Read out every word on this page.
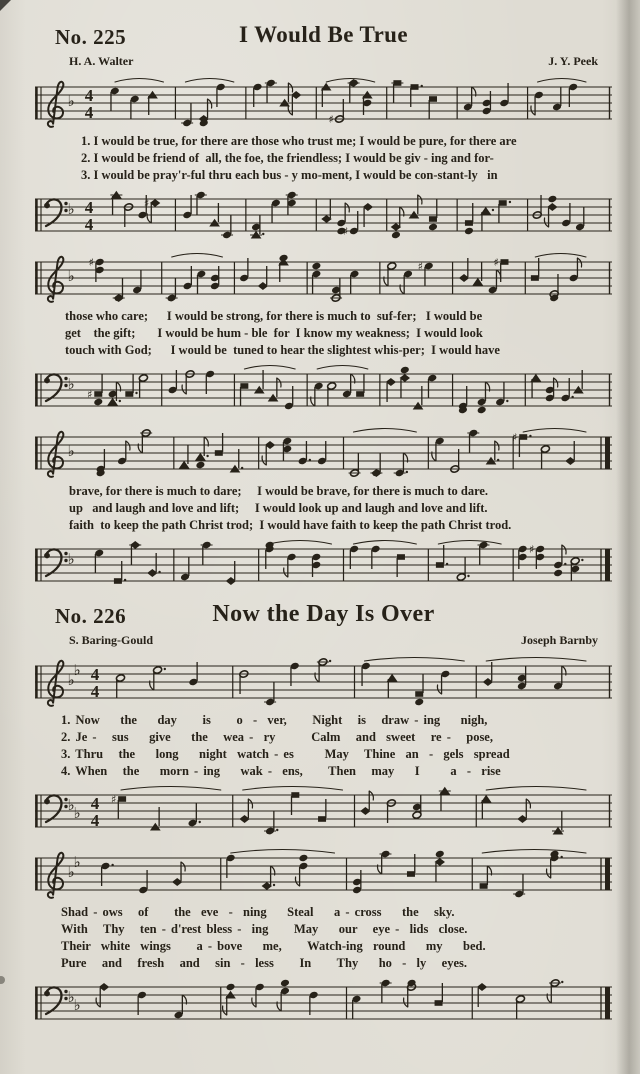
No. 225	I Would Be True
H. A. Walter	J. Y. Peek
♭ 4
4	♯
1. I would be true, for there are those who trust me; I would be pure, for there are
2. I would be friend of  all, the foe, the friendless; I would be giv - ing and for-
3. I would be pray'r-ful thru each bus - y mo-ment, I would be con-stant-ly   in
♭ 4
4
♯
♯
♭
♯	♯	♯
those who care;      I would be strong, for there is much to  suf-fer;   I would be
get    the gift;       I would be hum - ble  for  I know my weakness;  I would look
touch with God;      I would be  tuned to hear the slightest whis-per;  I would have
♭
♯
♭
♯
brave, for there is much to dare;     I would be brave, for there is much to dare.
up   and laugh and love and lift;     I would look up and laugh and love and lift.
faith  to keep the path Christ trod;  I would have faith to keep the path Christ trod.
♭
♯
No. 226	Now the Day Is Over
S. Baring-Gould	Joseph Barnby
♭
♭ 4
4
1. Now    the    day     is     o  -  ver,     Night   is   draw - ing    nigh,
2. Je -   sus    give    the   wea -  ry       Calm   and  sweet   re -   pose,
3. Thru   the    long    night  watch - es      May   Thine  an  -  gels  spread
4. When   the    morn - ing    wak -  ens,     Then   may    I      a  -  rise
♭
♭ 4
4
♯
♭
♭
Shad - ows   of     the  eve  -  ning    Steal    a - cross    the   sky.
With   Thy   ten - d'rest bless -  ing     May    our   eye -  lids  close.
Their  white  wings     a - bove    me,     Watch-ing  round    my    bed.
Pure   and   fresh   and   sin  -  less     In     Thy    ho  -  ly   eyes.
♭
♭
